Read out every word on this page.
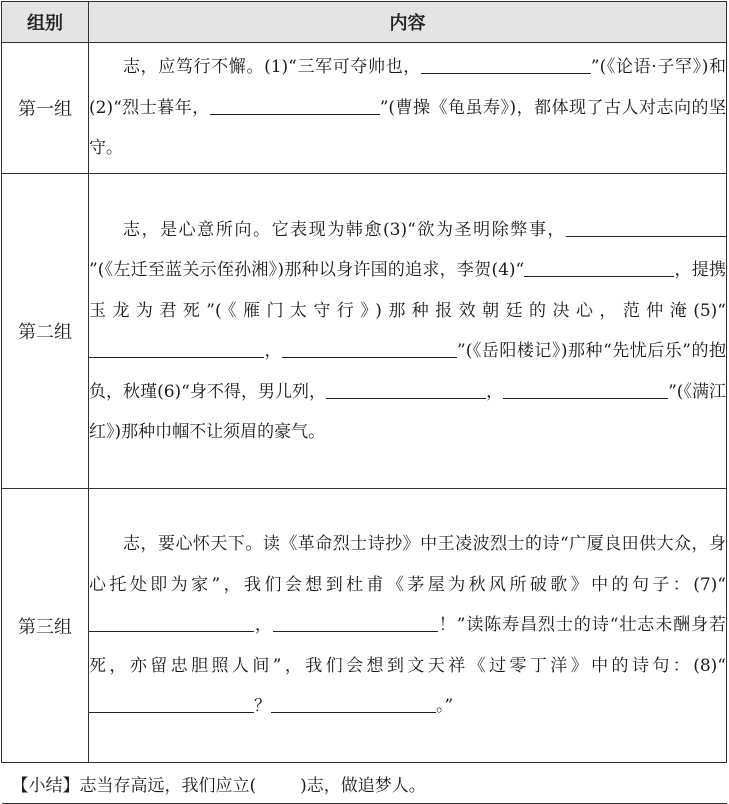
组别	内容
第一组	志，应笃行不懈。(1)“三军可夺帅也， ”(《论语·子罕》)和(2)“烈士暮年， ”(曹操《龟虽寿》)，都体现了古人对志向的坚守。

第二组	志，是心意所向。它表现为韩愈(3)“欲为圣明除弊事，”(《左迁至蓝关示侄孙湘》)那种以身许国的追求，李贺(4)“ ，提携玉龙为君死”(《雁门太守行》)那种报效朝廷的决心，范仲淹(5)“， ”(《岳阳楼记》)那种“先忧后乐”的抱负，秋瑾(6)“身不得，男儿列， ， ”(《满江红》)那种巾帼不让须眉的豪气。

第三组	志，要心怀天下。读《革命烈士诗抄》中王凌波烈士的诗“广厦良田供大众，身心托处即为家”，我们会想到杜甫《茅屋为秋风所破歌》中的句子：(7)“， ！”读陈寿昌烈士的诗“壮志未酬身若死，亦留忠胆照人间”，我们会想到文天祥《过零丁洋》中的诗句：(8)“？ 。”

【小结】志当存高远，我们应立( )志，做追梦人。	
